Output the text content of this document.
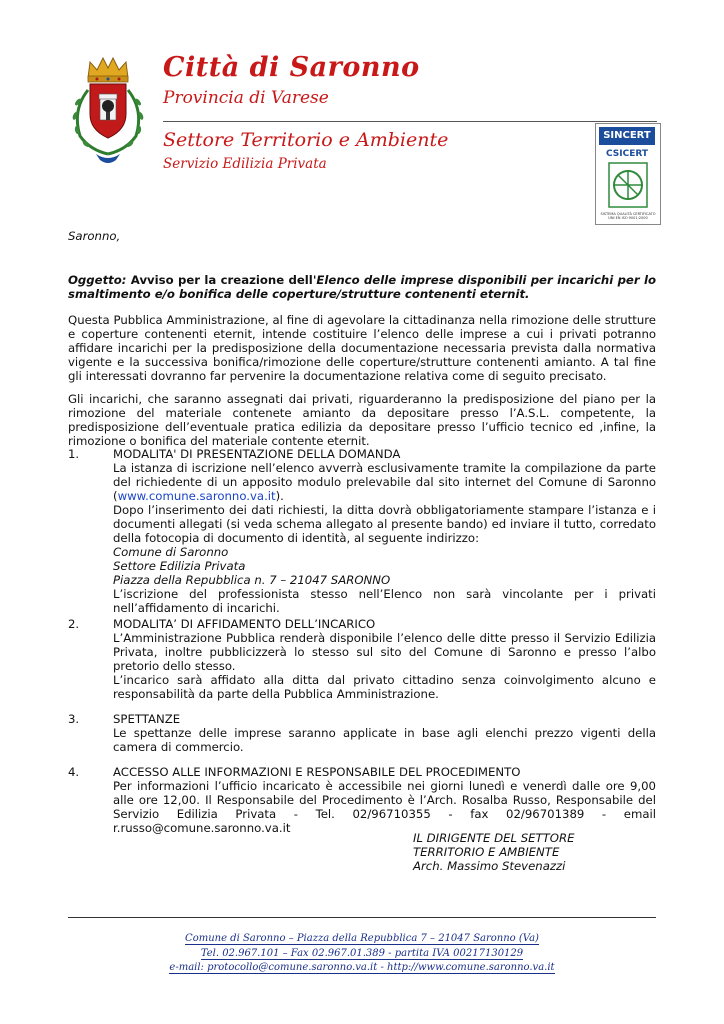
Città di Saronno
Provincia di Varese
Settore Territorio e Ambiente
Servizio Edilizia Privata
SINCERT
CSICERT
SISTEMA QUALITÀ CERTIFICATO UNI EN ISO 9001:2000
Saronno,
Oggetto: Avviso per la creazione dell'Elenco delle imprese disponibili per incarichi per lo smaltimento e/o bonifica delle coperture/strutture contenenti eternit.
Questa Pubblica Amministrazione, al fine di agevolare la cittadinanza nella rimozione delle strutture e coperture contenenti eternit, intende costituire l’elenco delle imprese a cui i privati potranno affidare incarichi per la predisposizione della documentazione necessaria prevista dalla normativa vigente e la successiva bonifica/rimozione delle coperture/strutture contenenti amianto. A tal fine gli interessati dovranno far pervenire la documentazione relativa come di seguito precisato.
Gli incarichi, che saranno assegnati dai privati, riguarderanno la predisposizione del piano per la rimozione del materiale contenete amianto da depositare presso l’A.S.L. competente, la predisposizione dell’eventuale pratica edilizia da depositare presso l’ufficio tecnico ed ,infine, la rimozione o bonifica del materiale contente eternit.
1.	MODALITA' DI PRESENTAZIONE DELLA DOMANDA
La istanza di iscrizione nell’elenco avverrà esclusivamente tramite la compilazione da parte del richiedente di un apposito modulo prelevabile dal sito internet del Comune di Saronno (www.comune.saronno.va.it).
Dopo l’inserimento dei dati richiesti, la ditta dovrà obbligatoriamente stampare l’istanza e i documenti allegati (si veda schema allegato al presente bando) ed inviare il tutto, corredato della fotocopia di documento di identità, al seguente indirizzo:
Comune di Saronno
Settore Edilizia Privata
Piazza della Repubblica n. 7 – 21047 SARONNO
L’iscrizione del professionista stesso nell’Elenco non sarà vincolante per i privati nell’affidamento di incarichi.
2.	MODALITA’ DI AFFIDAMENTO DELL’INCARICO
L’Amministrazione Pubblica renderà disponibile l’elenco delle ditte presso il Servizio Edilizia Privata, inoltre pubblicizzerà lo stesso sul sito del Comune di Saronno e presso l’albo pretorio dello stesso.
L’incarico sarà affidato alla ditta dal privato cittadino senza coinvolgimento alcuno e responsabilità da parte della Pubblica Amministrazione.
3.	SPETTANZE
Le spettanze delle imprese saranno applicate in base agli elenchi prezzo vigenti della camera di commercio.
4.	ACCESSO ALLE INFORMAZIONI E RESPONSABILE DEL PROCEDIMENTO
Per informazioni l’ufficio incaricato è accessibile nei giorni lunedì e venerdì dalle ore 9,00 alle ore 12,00. Il Responsabile del Procedimento è l’Arch. Rosalba Russo, Responsabile del Servizio Edilizia Privata - Tel. 02/96710355 - fax 02/96701389 - email r.russo@comune.saronno.va.it
IL DIRIGENTE DEL SETTORE
TERRITORIO E AMBIENTE
Arch. Massimo Stevenazzi
Comune di Saronno – Piazza della Repubblica 7 – 21047 Saronno (Va)
Tel. 02.967.101 – Fax 02.967.01.389 - partita IVA 00217130129
e-mail: protocollo@comune.saronno.va.it - http://www.comune.saronno.va.it
